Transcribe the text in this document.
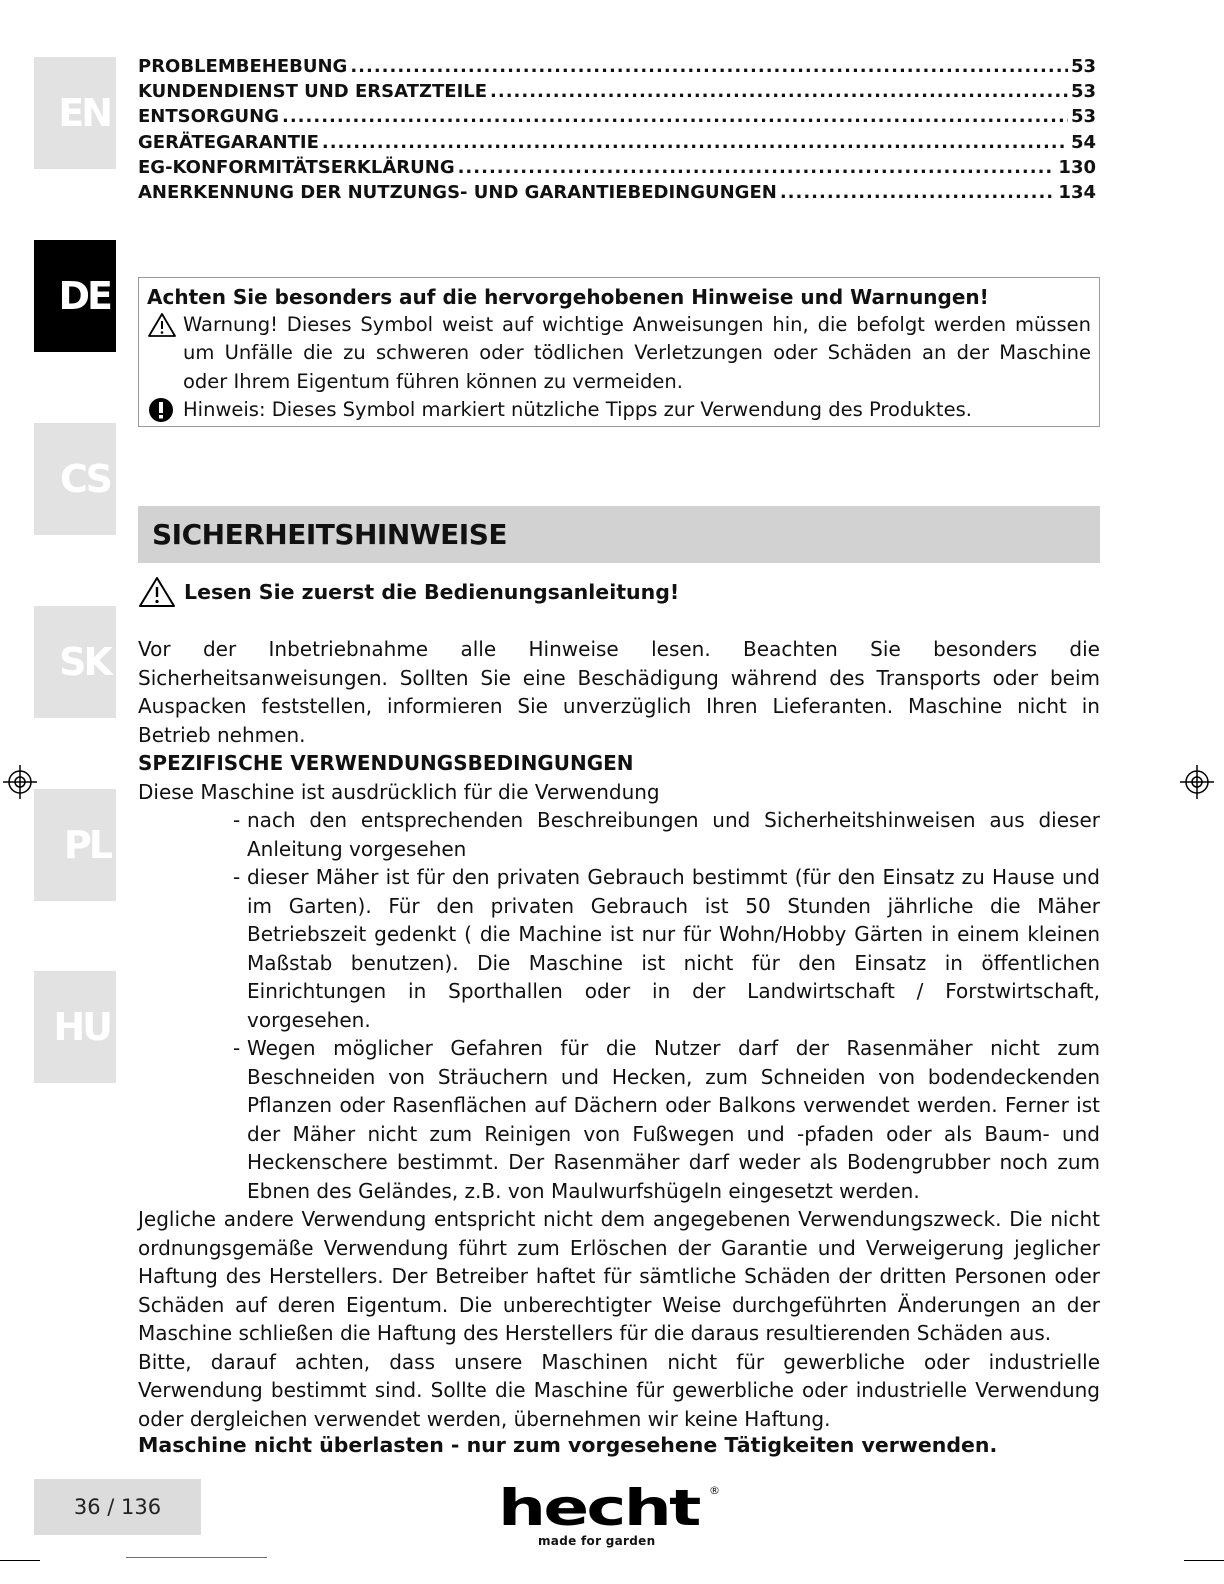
EN
DE
CS
SK
PL
HU
PROBLEMBEHEBUNG .....	53
KUNDENDIENST UND ERSATZTEILE .....	53
ENTSORGUNG .....	53
GERÄTEGARANTIE .....	54
EG-KONFORMITÄTSERKLÄRUNG .....	130
ANERKENNUNG DER NUTZUNGS- UND GARANTIEBEDINGUNGEN .....	134
Achten Sie besonders auf die hervorgehobenen Hinweise und Warnungen!
Warnung! Dieses Symbol weist auf wichtige Anweisungen hin, die befolgt werden müssen
um Unfälle die zu schweren oder tödlichen Verletzungen oder Schäden an der Maschine
oder Ihrem Eigentum führen können zu vermeiden.
Hinweis: Dieses Symbol markiert nützliche Tipps zur Verwendung des Produktes.
SICHERHEITSHINWEISE
Lesen Sie zuerst die Bedienungsanleitung!
Vor der Inbetriebnahme alle Hinweise lesen. Beachten Sie besonders die Sicherheitsanweisungen. Sollten Sie eine Beschädigung während des Transports oder beim Auspacken feststellen, informieren Sie unverzüglich Ihren Lieferanten. Maschine nicht in Betrieb nehmen.
SPEZIFISCHE VERWENDUNGSBEDINGUNGEN
Diese Maschine ist ausdrücklich für die Verwendung
- nach den entsprechenden Beschreibungen und Sicherheitshinweisen aus dieser Anleitung vorgesehen
- dieser Mäher ist für den privaten Gebrauch bestimmt (für den Einsatz zu Hause und im Garten). Für den privaten Gebrauch ist 50 Stunden jährliche die Mäher Betriebszeit gedenkt ( die Machine ist nur für Wohn/Hobby Gärten in einem kleinen Maßstab benutzen). Die Maschine ist nicht für den Einsatz in öffentlichen Einrichtungen in Sporthallen oder in der Landwirtschaft / Forstwirtschaft, vorgesehen.
- Wegen möglicher Gefahren für die Nutzer darf der Rasenmäher nicht zum Beschneiden von Sträuchern und Hecken, zum Schneiden von bodendeckenden Pflanzen oder Rasenflächen auf Dächern oder Balkons verwendet werden. Ferner ist der Mäher nicht zum Reinigen von Fußwegen und -pfaden oder als Baum- und Heckenschere bestimmt. Der Rasenmäher darf weder als Bodengrubber noch zum Ebnen des Geländes, z.B. von Maulwurfshügeln eingesetzt werden.
Jegliche andere Verwendung entspricht nicht dem angegebenen Verwendungszweck. Die nicht ordnungsgemäße Verwendung führt zum Erlöschen der Garantie und Verweigerung jeglicher Haftung des Herstellers. Der Betreiber haftet für sämtliche Schäden der dritten Personen oder Schäden auf deren Eigentum. Die unberechtigter Weise durchgeführten Änderungen an der Maschine schließen die Haftung des Herstellers für die daraus resultierenden Schäden aus.
Bitte, darauf achten, dass unsere Maschinen nicht für gewerbliche oder industrielle Verwendung bestimmt sind. Sollte die Maschine für gewerbliche oder industrielle Verwendung oder dergleichen verwendet werden, übernehmen wir keine Haftung.
Maschine nicht überlasten - nur zum vorgesehene Tätigkeiten verwenden.
36 / 136	hecht ®
made for garden
